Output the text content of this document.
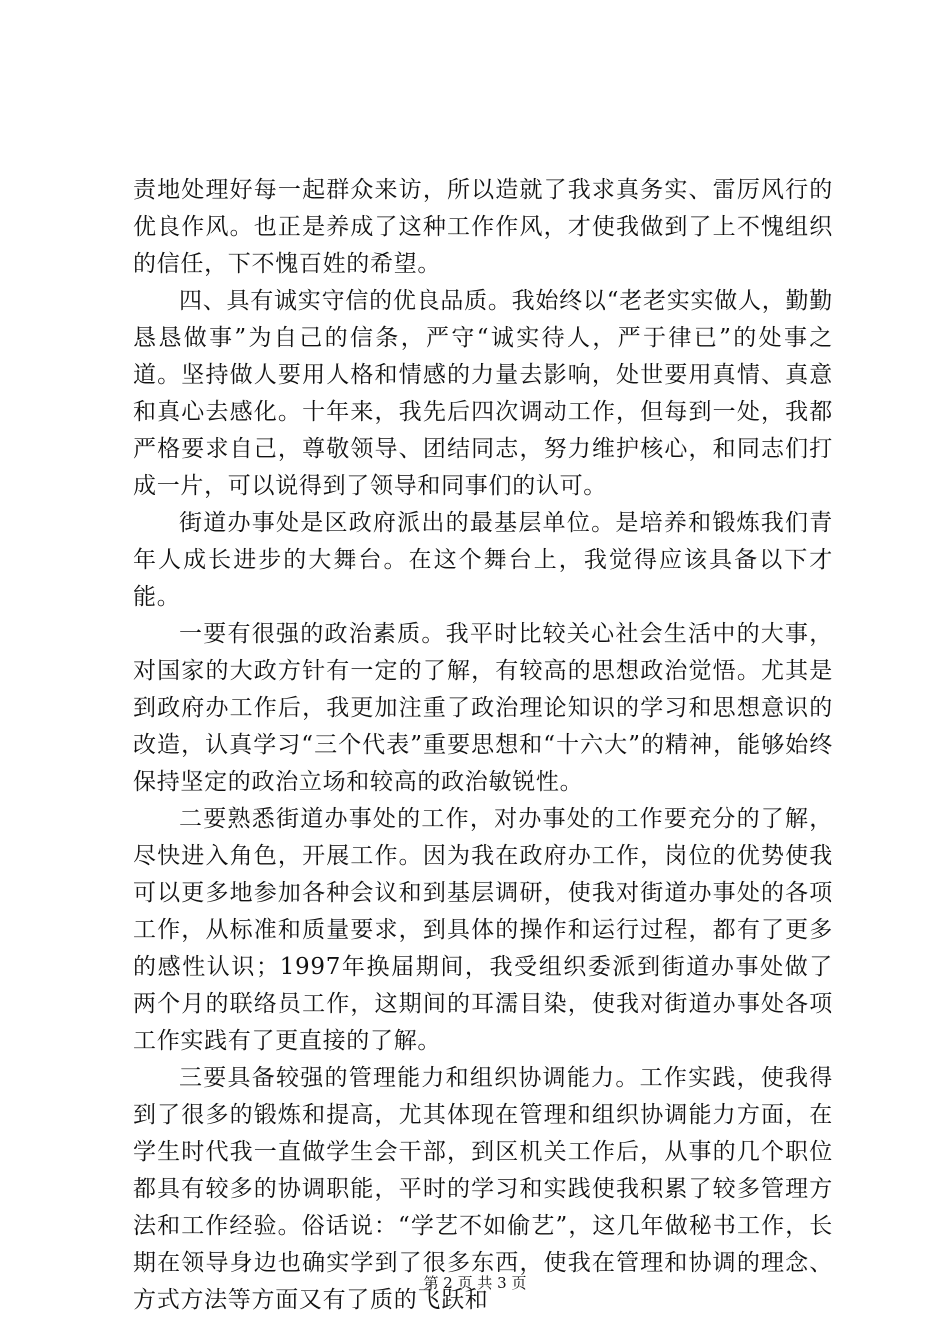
责地处理好每一起群众来访，所以造就了我求真务实、雷厉风行的优良作风。也正是养成了这种工作作风，才使我做到了上不愧组织的信任，下不愧百姓的希望。

四、具有诚实守信的优良品质。我始终以“老老实实做人，勤勤恳恳做事”为自己的信条，严守“诚实待人，严于律已”的处事之道。坚持做人要用人格和情感的力量去影响，处世要用真情、真意和真心去感化。十年来，我先后四次调动工作，但每到一处，我都严格要求自己，尊敬领导、团结同志，努力维护核心，和同志们打成一片，可以说得到了领导和同事们的认可。

街道办事处是区政府派出的最基层单位。是培养和锻炼我们青年人成长进步的大舞台。在这个舞台上，我觉得应该具备以下才能。

一要有很强的政治素质。我平时比较关心社会生活中的大事，对国家的大政方针有一定的了解，有较高的思想政治觉悟。尤其是到政府办工作后，我更加注重了政治理论知识的学习和思想意识的改造，认真学习“三个代表”重要思想和“十六大”的精神，能够始终保持坚定的政治立场和较高的政治敏锐性。

二要熟悉街道办事处的工作，对办事处的工作要充分的了解，尽快进入角色，开展工作。因为我在政府办工作，岗位的优势使我可以更多地参加各种会议和到基层调研，使我对街道办事处的各项工作，从标准和质量要求，到具体的操作和运行过程，都有了更多的感性认识；1997年换届期间，我受组织委派到街道办事处做了两个月的联络员工作，这期间的耳濡目染，使我对街道办事处各项工作实践有了更直接的了解。

三要具备较强的管理能力和组织协调能力。工作实践，使我得到了很多的锻炼和提高，尤其体现在管理和组织协调能力方面，在学生时代我一直做学生会干部，到区机关工作后，从事的几个职位都具有较多的协调职能，平时的学习和实践使我积累了较多管理方法和工作经验。俗话说：“学艺不如偷艺”，这几年做秘书工作，长期在领导身边也确实学到了很多东西，使我在管理和协调的理念、方式方法等方面又有了质的飞跃和

第 2 页 共 3 页
